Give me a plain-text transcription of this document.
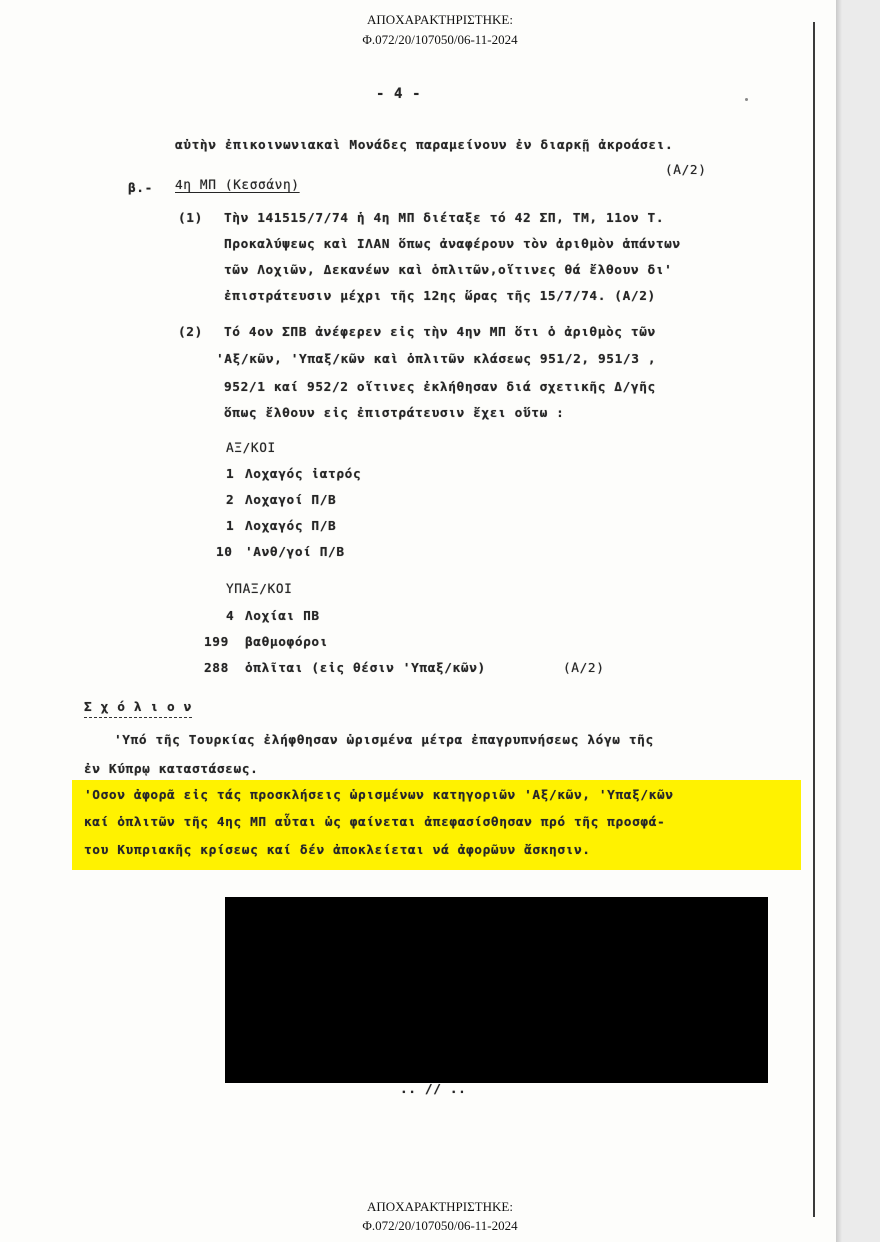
ΑΠΟΧΑΡΑΚΤΗΡΙΣΤΗΚΕ:
Φ.072/20/107050/06-11-2024
- 4 -
αὐτὴν ἐπικοινωνιακαὶ Μονάδες παραμείνουν ἐν διαρκῇ ἀκροάσει.
(Α/2)
β.- 4η ΜΠ (Κεσσάνη)
(1) Τὴν 141515/7/74 ἡ 4η ΜΠ διέταξε τό 42 ΣΠ, ΤΜ, 11ον Τ.
Προκαλύψεως καὶ ΙΛΑΝ ὅπως ἀναφέρουν τὸν ἀριθμὸν ἁπάντων
τῶν Λοχιῶν, Δεκανέων καὶ ὁπλιτῶν,οἵτινες θά ἔλθουν δι'
ἐπιστράτευσιν μέχρι τῆς 12ης ὥρας τῆς 15/7/74. (Α/2)
(2) Τό 4ον ΣΠΒ ἀνέφερεν εἰς τὴν 4ην ΜΠ ὅτι ὁ ἀριθμὸς τῶν
'Αξ/κῶν, 'Υπαξ/κῶν καὶ ὁπλιτῶν κλάσεως 951/2, 951/3 ,
952/1 καί 952/2 οἵτινες ἐκλήθησαν διά σχετικῆς Δ/γῆς
ὅπως ἔλθουν εἰς ἐπιστράτευσιν ἔχει οὕτω :
ΑΞ/ΚΟΙ
1 Λοχαγός ἰατρός
2 Λοχαγοί Π/Β
1 Λοχαγός Π/Β
10 'Ανθ/γοί Π/Β
ΥΠΑΞ/ΚΟΙ
4 Λοχίαι ΠΒ
199 βαθμοφόροι
288 ὁπλῖται (εἰς θέσιν 'Υπαξ/κῶν)	(Α/2)
Σ χ ό λ ι ο ν
'Υπό τῆς Τουρκίας ἐλήφθησαν ὡρισμένα μέτρα ἐπαγρυπνήσεως λόγω τῆς
ἐν Κύπρῳ καταστάσεως.
'Οσον ἀφορᾶ εἰς τάς προσκλήσεις ὡρισμένων κατηγοριῶν 'Αξ/κῶν, 'Υπαξ/κῶν
καί ὁπλιτῶν τῆς 4ης ΜΠ αὗται ὡς φαίνεται ἀπεφασίσθησαν πρό τῆς προσφά-
του Κυπριακῆς κρίσεως καί δέν ἀποκλείεται νά ἀφορῶυν ἄσκησιν.
.. // ..
ΑΠΟΧΑΡΑΚΤΗΡΙΣΤΗΚΕ:
Φ.072/20/107050/06-11-2024
